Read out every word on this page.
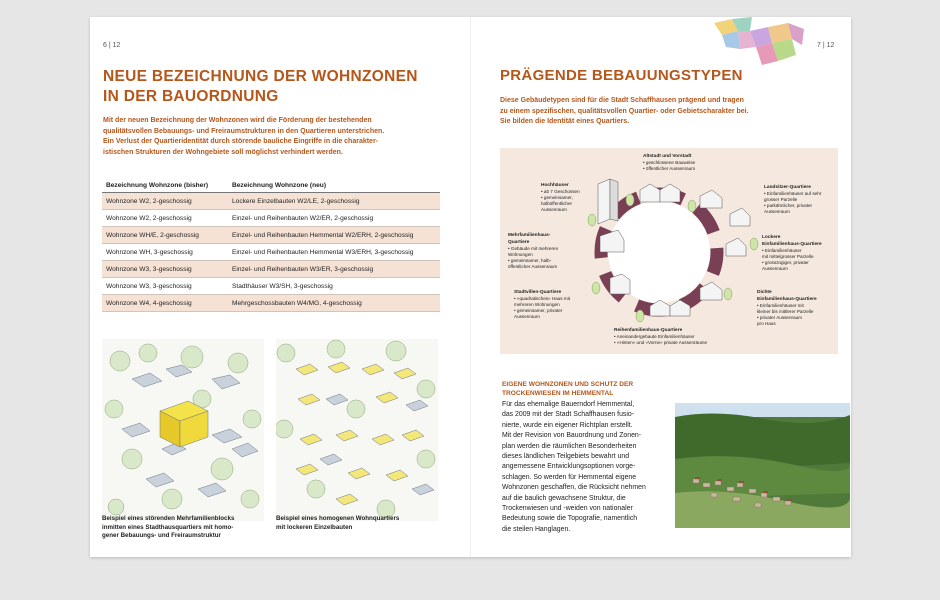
6 | 12
NEUE BEZEICHNUNG DER WOHNZONEN
IN DER BAUORDNUNG

Mit der neuen Bezeichnung der Wohnzonen wird die Förderung der bestehenden

qualitätsvollen Bebauungs- und Freiraumstrukturen in den Quartieren unterstrichen.

Ein Verlust der Quartieridentität durch störende bauliche Eingriffe in die charakter-

istischen Strukturen der Wohngebiete soll möglichst verhindert werden.

Bezeichnung Wohnzone (bisher)	Bezeichnung Wohnzone (neu)
Wohnzone W2, 2-geschossig	Lockere Einzelbauten W2/LE, 2-geschossig
Wohnzone W2, 2-geschossig	Einzel- und Reihenbauten W2/ER, 2-geschossig
Wohnzone WH/E, 2-geschossig	Einzel- und Reihenbauten Hemmental W2/ERH, 2-geschossig
Wohnzone WH, 3-geschossig	Einzel- und Reihenbauten Hemmental W3/ERH, 3-geschossig
Wohnzone W3, 3-geschossig	Einzel- und Reihenbauten W3/ER, 3-geschossig
Wohnzone W3, 3-geschossig	Stadthäuser W3/SH, 3-geschossig
Wohnzone W4, 4-geschossig	Mehrgeschossbauten W4/MG, 4-geschossig
Beispiel eines störenden Mehrfamilienblocks
inmitten eines Stadthausquartiers mit homo-
gener Bebauungs- und Freiraumstruktur
Beispiel eines homogenen Wohnquartiers
mit lockeren Einzelbauten
7 | 12
PRÄGENDE BEBAUUNGSTYPEN

Diese Gebäudetypen sind für die Stadt Schaffhausen prägend und tragen

zu einem spezifischen, qualitätsvollen Quartier- oder Gebietscharakter bei.

Sie bilden die Identität eines Quartiers.

Altstadt und Vorstadt
• geschlossene Bauweise
• öffentlicher Aussenraum
Hochhäuser
• ab 7 Geschossen
• gemeinsamer,
halböffentlicher
Aussenraum
Mehrfamilienhaus-
Quartiere
• Gebäude mit mehreren
Wohnungen
• gemeinsamer, halb-
öffentlicher Aussenraum
Stadtvillen-Quartiere
• «quadratisches» Haus mit
mehreren Wohnungen
• gemeinsamer, privater
Aussenraum
Reihenfamilienhaus-Quartiere
• Aneinandergebaute Einfamilienhäuser
• «Hinten» und «Vorne» private Aussenräume
Dichte
Einfamilienhaus-Quartiere
• Einfamilienhäuser mit
kleiner bis mittlerer Parzelle
• privater Aussenraum
pro Haus
Lockere
Einfamilienhaus-Quartiere
• Einfamilienhäuser
mit mittelgrosser Parzelle
• grosszügiger, privater
Aussenraum
Landsitzer-Quartiere
• Einfamilienhäuser auf sehr
grosser Parzelle
• parkähnlicher, privater
Aussenraum
EIGENE WOHNZONEN UND SCHUTZ DER
TROCKENWIESEN IM HEMMENTAL
Für das ehemalige Bauerndorf Hemmental,
das 2009 mit der Stadt Schaffhausen fusio-
nierte, wurde ein eigener Richtplan erstellt.
Mit der Revision von Bauordnung und Zonen-
plan werden die räumlichen Besonderheiten
dieses ländlichen Teilgebiets bewahrt und
angemessene Entwicklungsoptionen vorge-
schlagen. So werden für Hemmental eigene
Wohnzonen geschaffen, die Rücksicht nehmen
auf die baulich gewachsene Struktur, die
Trockenwiesen und -weiden von nationaler
Bedeutung sowie die Topografie, namentlich
die steilen Hanglagen.
